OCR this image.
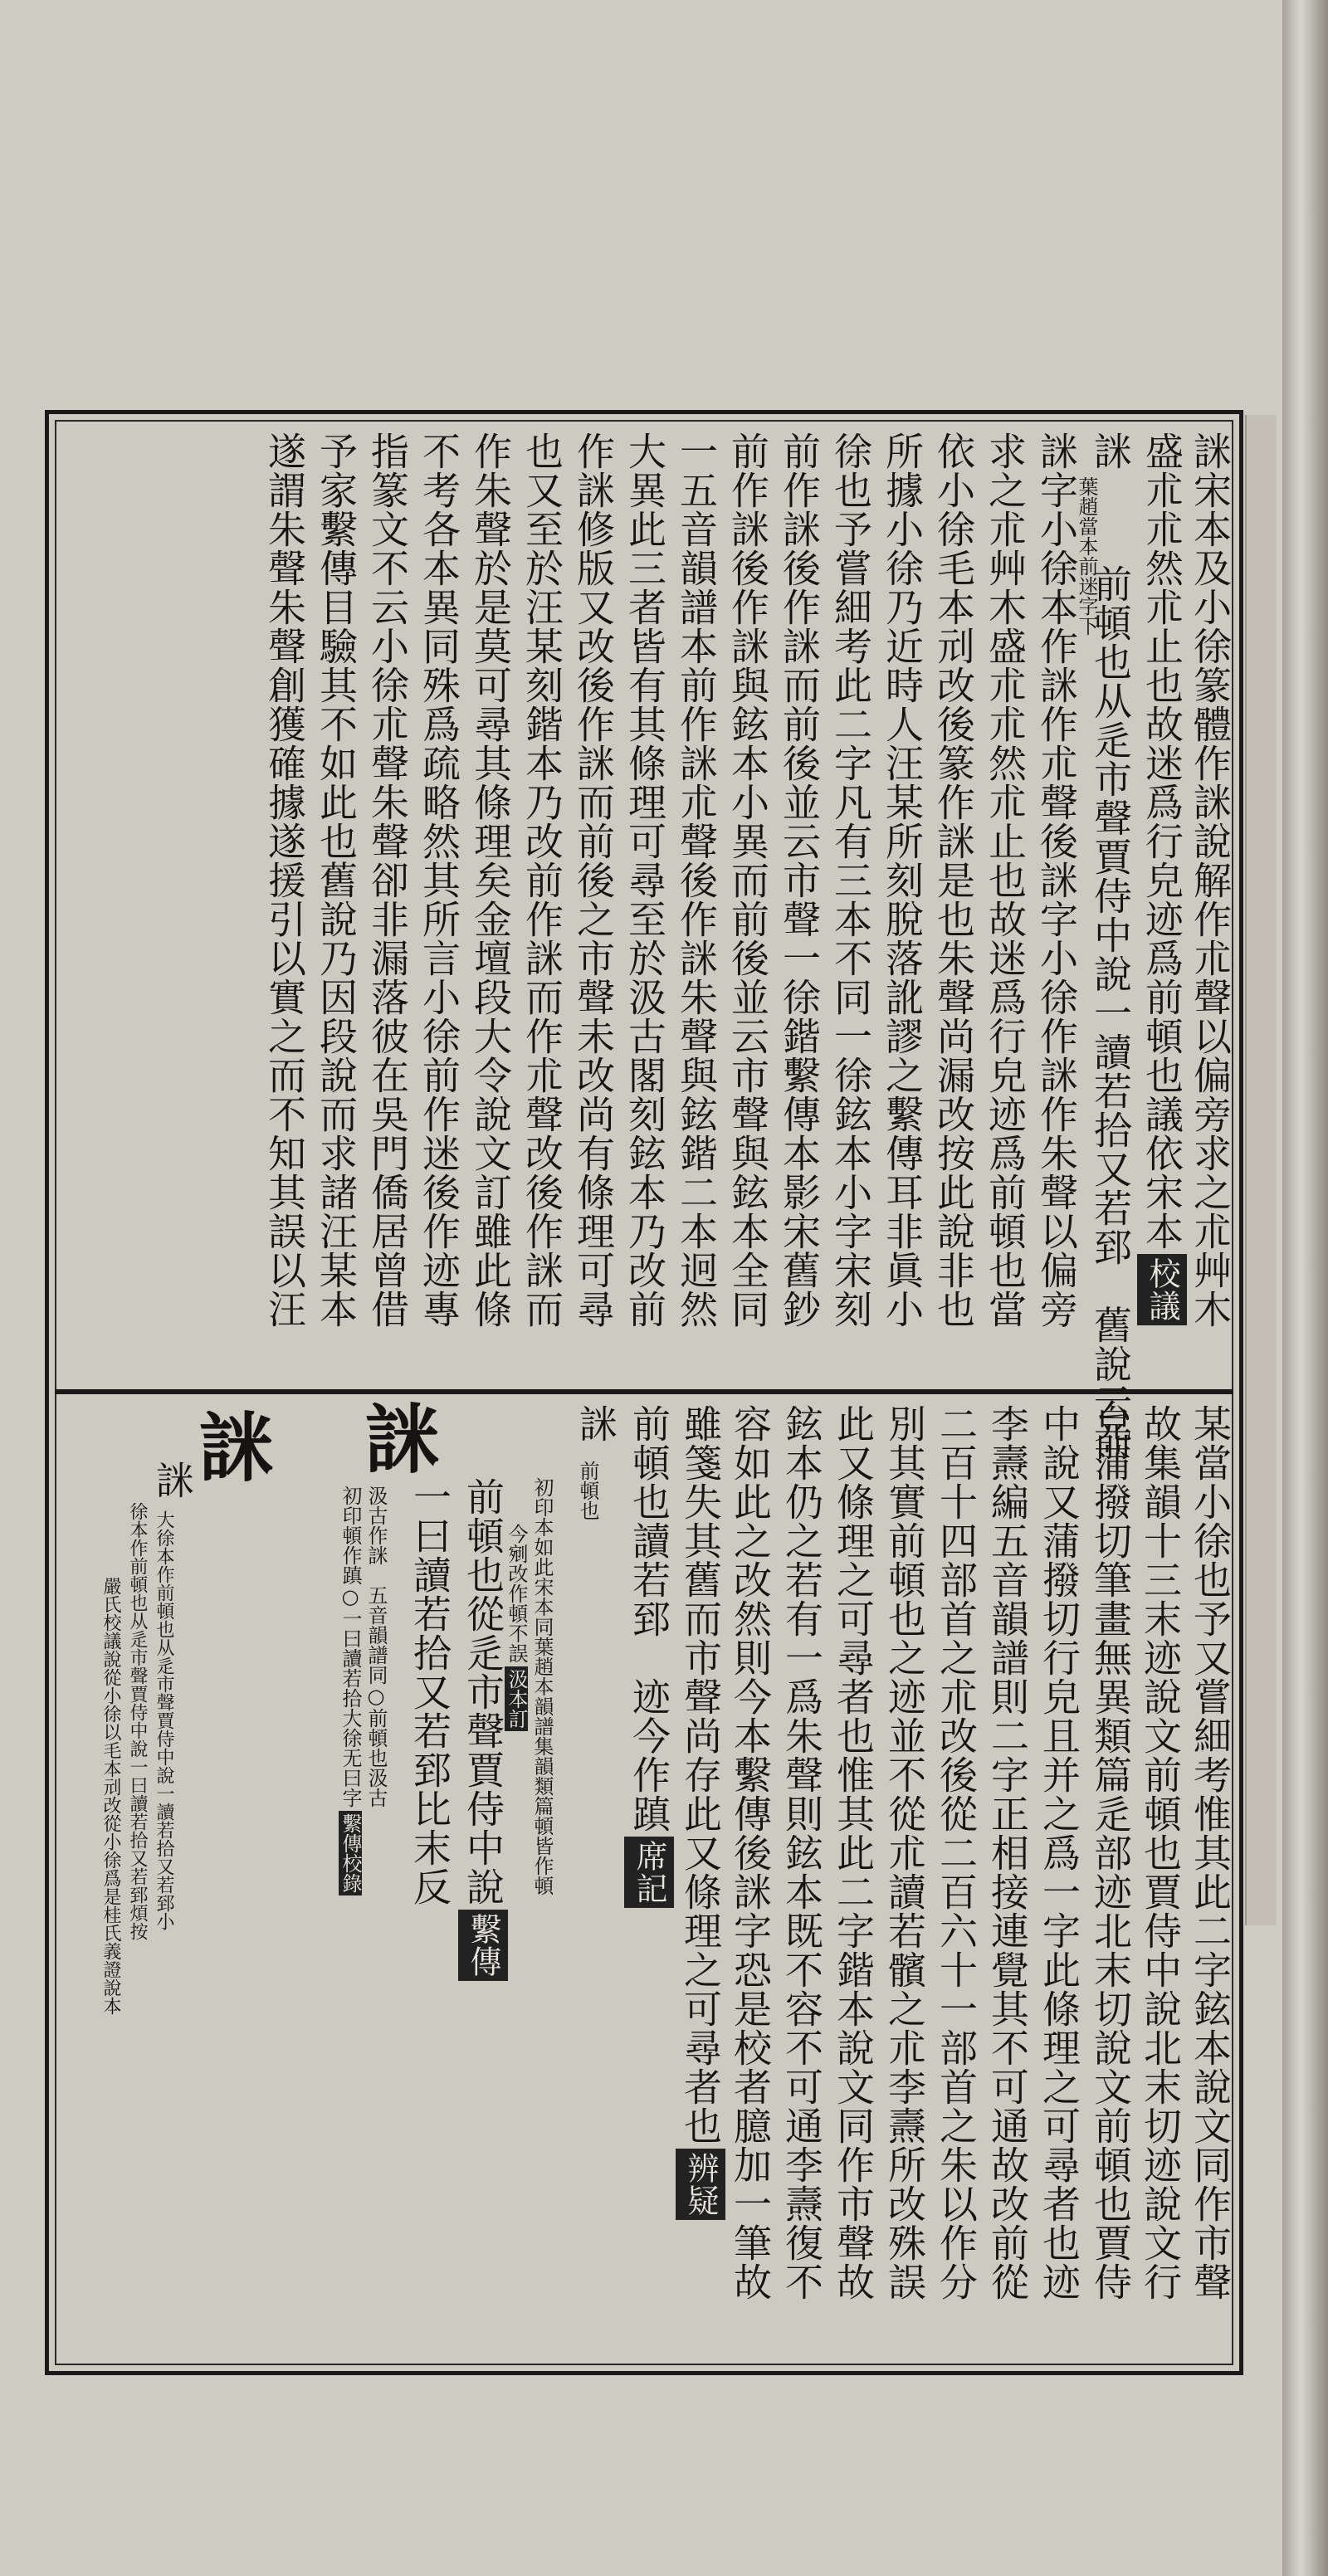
詸宋本及小徐篆體作詸說解作朮聲以偏旁求之朮艸木
盛朮朮然朮止也故迷爲行皃迹爲前頓也議依宋本校議
詸
葉趙當本前迷字下
前頓也从辵市聲賈侍中說一讀若拾又若郅　舊說云前
詸字小徐本作詸作朮聲後詸字小徐作詸作朱聲以偏旁
求之朮艸木盛朮朮然朮止也故迷爲行皃迹爲前頓也當
依小徐毛本刓改後篆作詸是也朱聲尚漏改按此說非也
所據小徐乃近時人汪某所刻脫落訛謬之繫傳耳非眞小
徐也予嘗細考此二字凡有三本不同一徐鉉本小字宋刻
前作詸後作詸而前後並云市聲一徐鍇繫傳本影宋舊鈔
前作詸後作詸與鉉本小異而前後並云市聲與鉉本全同
一五音韻譜本前作詸朮聲後作詸朱聲與鉉鍇二本迥然
大異此三者皆有其條理可尋至於汲古閣刻鉉本乃改前
作詸修版又改後作詸而前後之市聲未改尚有條理可尋
也又至於汪某刻鍇本乃改前作詸而作朮聲改後作詸而
作朱聲於是莫可尋其條理矣金壇段大令說文訂雖此條
不考各本異同殊爲疏略然其所言小徐前作迷後作迹專
指篆文不云小徐朮聲朱聲卻非漏落彼在吳門僑居曾借
予家繫傳目驗其不如此也舊說乃因段說而求諸汪某本
遂謂朱聲朱聲創獲確據遂援引以實之而不知其誤以汪
某當小徐也予又嘗細考惟其此二字鉉本說文同作市聲
故集韻十三末迹說文前頓也賈侍中說北末切迹說文行
皃蒲撥切筆畫無異類篇辵部迹北末切說文前頓也賈侍
中說又蒲撥切行皃且并之爲一字此條理之可尋者也迹
李燾編五音韻譜則二字正相接連覺其不可通故改前從
二百十四部首之朮改後從二百六十一部首之朱以作分
別其實前頓也之迹並不從朮讀若髕之朮李燾所改殊誤
此又條理之可尋者也惟其此二字鍇本說文同作市聲故
鉉本仍之若有一爲朱聲則鉉本既不容不可通李燾復不
容如此之改然則今本繫傳後詸字恐是校者臆加一筆故
雖箋失其舊而市聲尚存此又條理之可尋者也辨疑
前頓也讀若郅　迹今作蹎席記
詸
前頓也
初印本如此宋本同葉趙本韻譜集韻類篇頓皆作頓
今剜改作頓不誤汲本訂
詸
前頓也從辵市聲賈侍中說繫傳
一曰讀若拾又若郅比末反
汲古作詸　五音韻譜同○前頓也汲古
初印頓作蹎○一曰讀若拾大徐无曰字繫傳校錄
詸
詸
大徐本作前頓也从辵市聲賈侍中說一讀若拾又若郅小
徐本作前頓也从辵市聲賈侍中說一曰讀若拾又若郅煩按
嚴氏校議說從小徐以毛本刓改從小徐爲是桂氏義證說本
